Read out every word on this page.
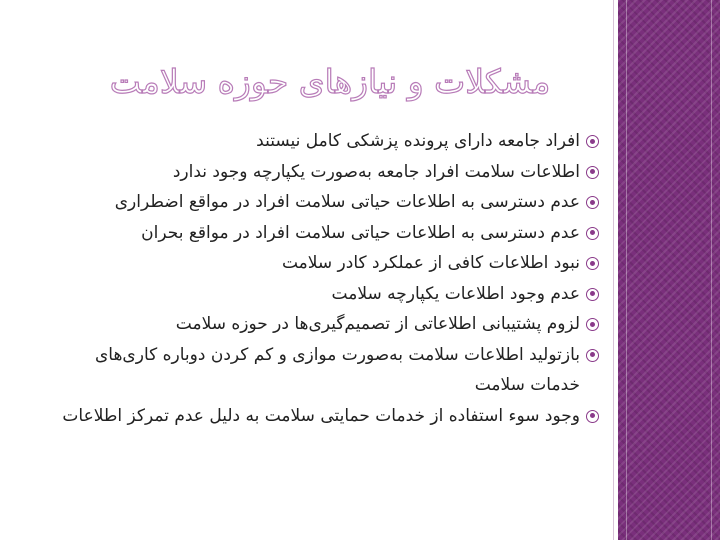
مشکلات و نیازهای حوزه سلامت
افراد جامعه دارای پرونده پزشکی کامل نیستند
اطلاعات سلامت افراد جامعه به‌صورت یکپارچه وجود ندارد
عدم دسترسی به اطلاعات حیاتی سلامت افراد در مواقع اضطراری
عدم دسترسی به اطلاعات حیاتی سلامت افراد در مواقع بحران
نبود اطلاعات کافی از عملکرد کادر سلامت
عدم وجود اطلاعات یکپارچه سلامت
لزوم پشتیبانی اطلاعاتی از تصمیم‌گیری‌ها در حوزه سلامت
بازتولید اطلاعات سلامت به‌صورت موازی و کم کردن دوباره کاری‌های خدمات سلامت
وجود سوء استفاده از خدمات حمایتی سلامت به دلیل عدم تمرکز اطلاعات
